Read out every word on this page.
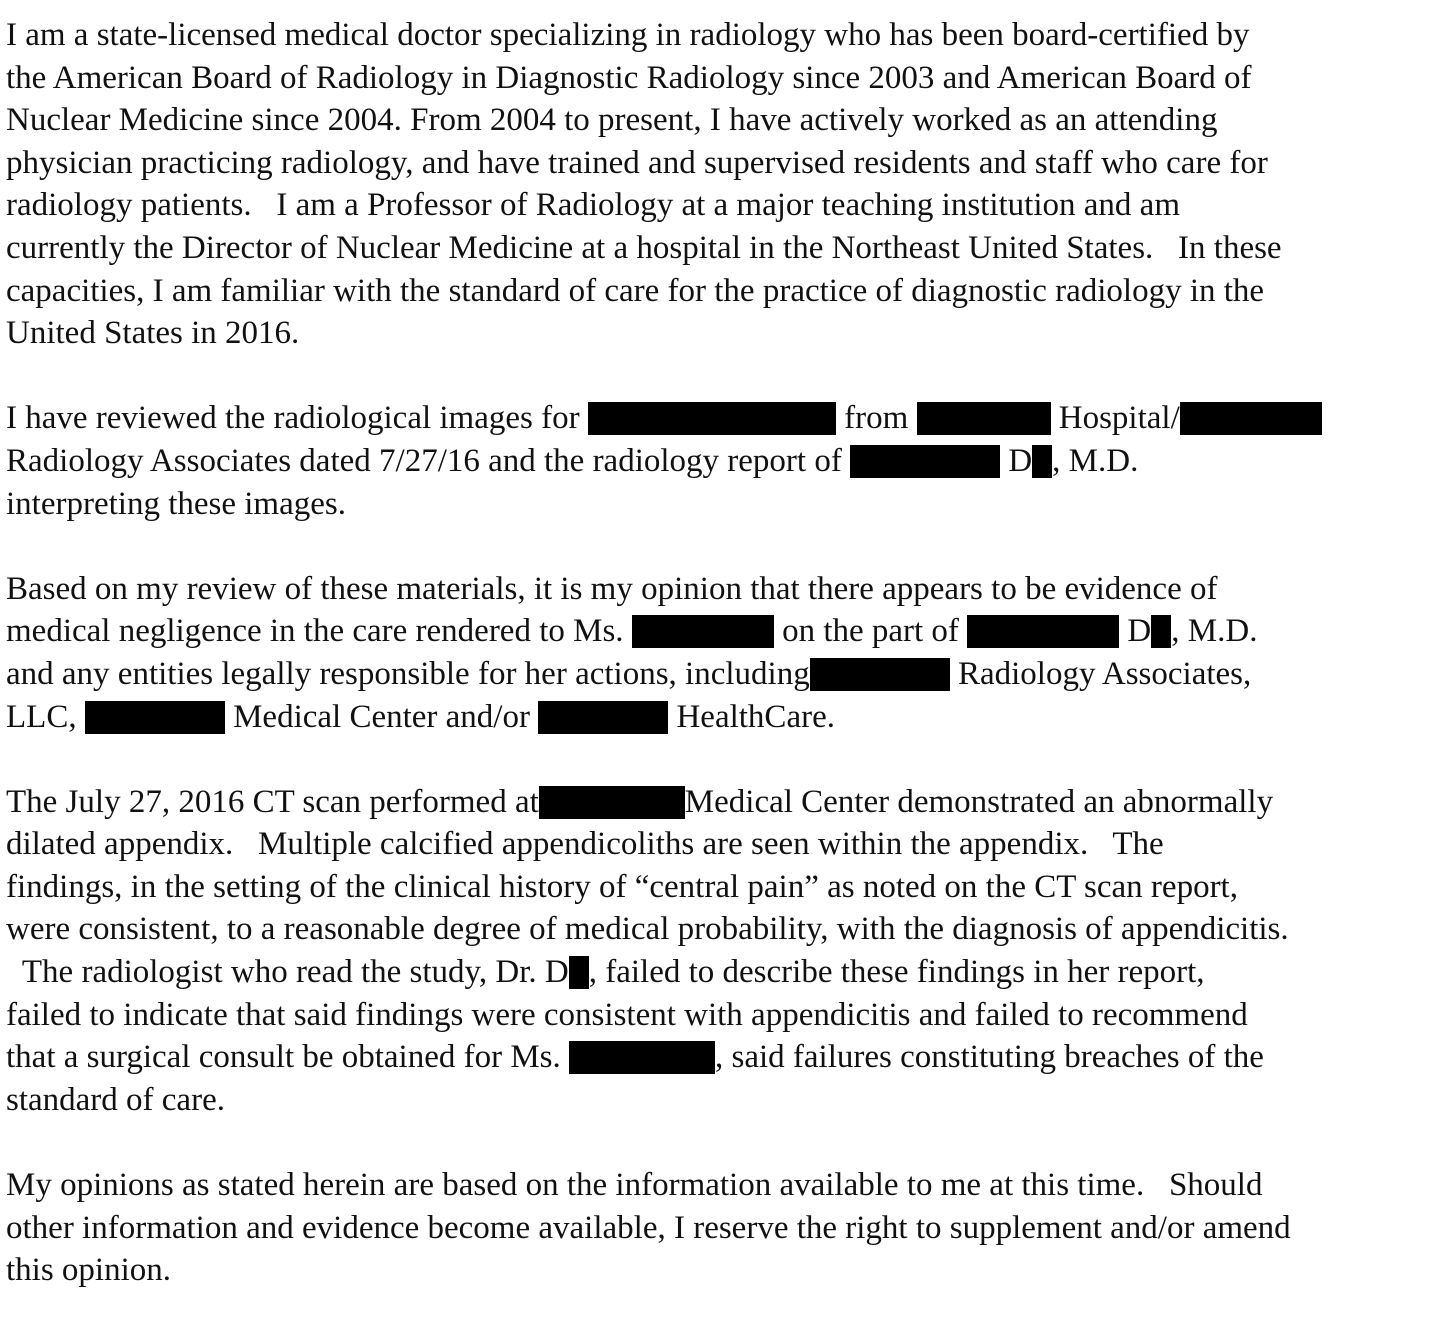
I am a state-licensed medical doctor specializing in radiology who has been board-certified by
the American Board of Radiology in Diagnostic Radiology since 2003 and American Board of
Nuclear Medicine since 2004. From 2004 to present, I have actively worked as an attending
physician practicing radiology, and have trained and supervised residents and staff who care for
radiology patients.   I am a Professor of Radiology at a major teaching institution and am
currently the Director of Nuclear Medicine at a hospital in the Northeast United States.   In these
capacities, I am familiar with the standard of care for the practice of diagnostic radiology in the
United States in 2016.
I have reviewed the radiological images for	from	Hospital/
Radiology Associates dated 7/27/16 and the radiology report of	D , M.D.
interpreting these images.
Based on my review of these materials, it is my opinion that there appears to be evidence of
medical negligence in the care rendered to Ms.	on the part of	D , M.D.
and any entities legally responsible for her actions, including	Radiology Associates,
LLC,	Medical Center and/or	HealthCare.
The July 27, 2016 CT scan performed at	Medical Center demonstrated an abnormally
dilated appendix.   Multiple calcified appendicoliths are seen within the appendix.   The
findings, in the setting of the clinical history of “central pain” as noted on the CT scan report,
were consistent, to a reasonable degree of medical probability, with the diagnosis of appendicitis.
The radiologist who read the study, Dr. D , failed to describe these findings in her report,
failed to indicate that said findings were consistent with appendicitis and failed to recommend
that a surgical consult be obtained for Ms.	, said failures constituting breaches of the
standard of care.
My opinions as stated herein are based on the information available to me at this time.   Should
other information and evidence become available, I reserve the right to supplement and/or amend
this opinion.
